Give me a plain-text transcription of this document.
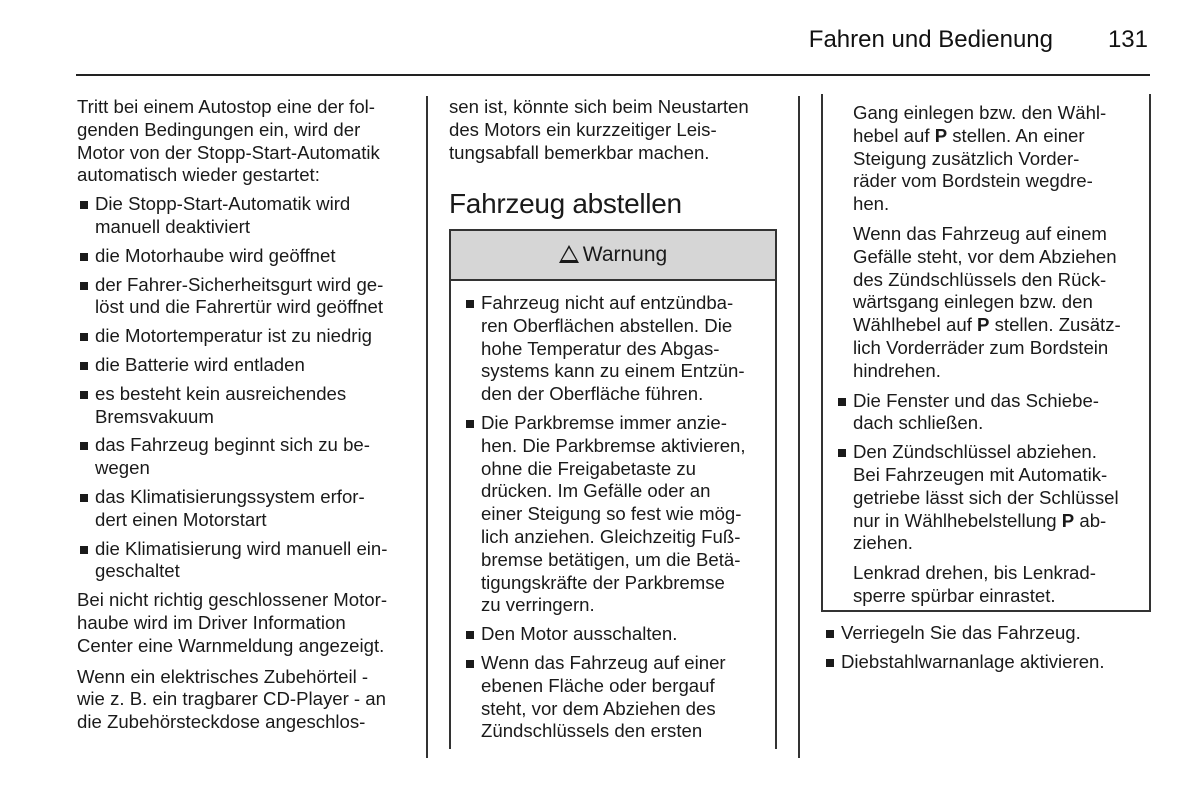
Fahren und Bedienung 131

Tritt bei einem Autostop eine der fol-

genden Bedingungen ein, wird der

Motor von der Stopp-Start-Automatik

automatisch wieder gestartet:

Die Stopp-Start-Automatik wird
manuell deaktiviert
die Motorhaube wird geöffnet
der Fahrer-Sicherheitsgurt wird ge-
löst und die Fahrertür wird geöffnet
die Motortemperatur ist zu niedrig
die Batterie wird entladen
es besteht kein ausreichendes
Bremsvakuum
das Fahrzeug beginnt sich zu be-
wegen
das Klimatisierungssystem erfor-
dert einen Motorstart
die Klimatisierung wird manuell ein-
geschaltet

Bei nicht richtig geschlossener Motor-

haube wird im Driver Information

Center eine Warnmeldung angezeigt.

Wenn ein elektrisches Zubehörteil -

wie z. B. ein tragbarer CD-Player - an

die Zubehörsteckdose angeschlos-

sen ist, könnte sich beim Neustarten

des Motors ein kurzzeitiger Leis-

tungsabfall bemerkbar machen.

Fahrzeug abstellen
Warnung
Fahrzeug nicht auf entzündba-
ren Oberflächen abstellen. Die
hohe Temperatur des Abgas-
systems kann zu einem Entzün-
den der Oberfläche führen.
Die Parkbremse immer anzie-
hen. Die Parkbremse aktivieren,
ohne die Freigabetaste zu
drücken. Im Gefälle oder an
einer Steigung so fest wie mög-
lich anziehen. Gleichzeitig Fuß-
bremse betätigen, um die Betä-
tigungskräfte der Parkbremse
zu verringern.
Den Motor ausschalten.
Wenn das Fahrzeug auf einer
ebenen Fläche oder bergauf
steht, vor dem Abziehen des
Zündschlüssels den ersten

Gang einlegen bzw. den Wähl-

hebel auf P stellen. An einer

Steigung zusätzlich Vorder-

räder vom Bordstein wegdre-

hen.

Wenn das Fahrzeug auf einem

Gefälle steht, vor dem Abziehen

des Zündschlüssels den Rück-

wärtsgang einlegen bzw. den

Wählhebel auf P stellen. Zusätz-

lich Vorderräder zum Bordstein

hindrehen.

Die Fenster und das Schiebe-
dach schließen.
Den Zündschlüssel abziehen.
Bei Fahrzeugen mit Automatik-
getriebe lässt sich der Schlüssel
nur in Wählhebelstellung P ab-
ziehen.

Lenkrad drehen, bis Lenkrad-

sperre spürbar einrastet.

Verriegeln Sie das Fahrzeug.
Diebstahlwarnanlage aktivieren.
